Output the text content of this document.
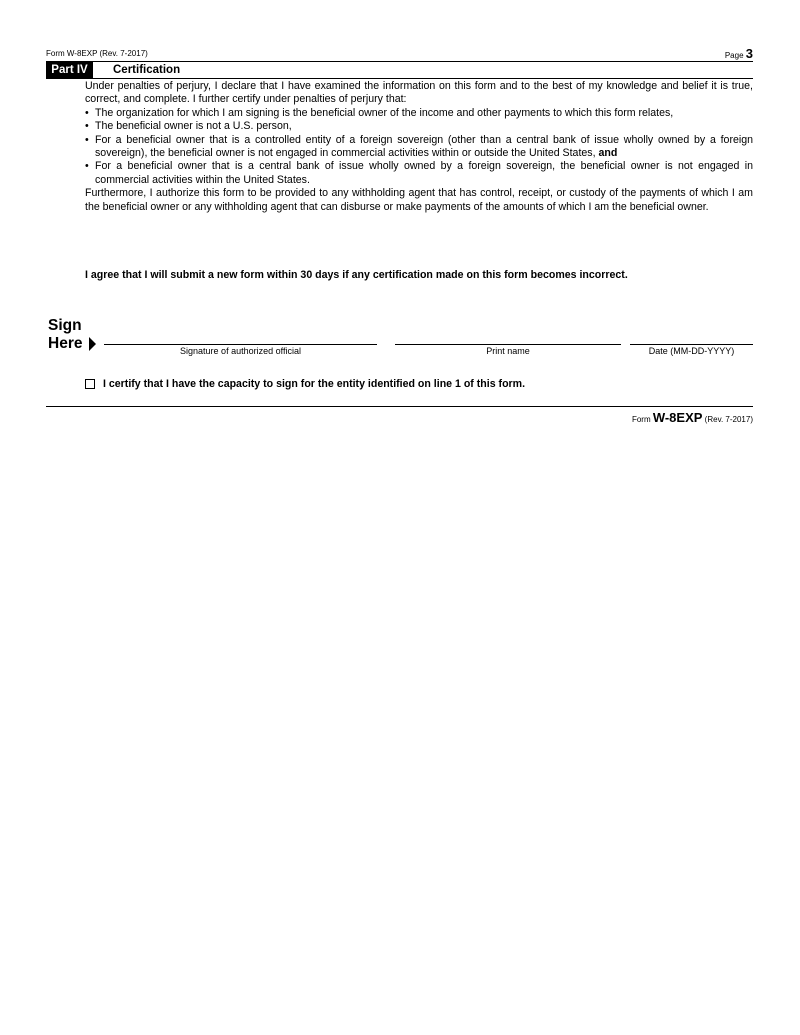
Form W-8EXP (Rev. 7-2017)	Page 3
Part IV	Certification

Under penalties of perjury, I declare that I have examined the information on this form and to the best of my knowledge and belief it is true, correct, and complete. I further certify under penalties of perjury that:

• The organization for which I am signing is the beneficial owner of the income and other payments to which this form relates,
• The beneficial owner is not a U.S. person,
• For a beneficial owner that is a controlled entity of a foreign sovereign (other than a central bank of issue wholly owned by a foreign sovereign), the beneficial owner is not engaged in commercial activities within or outside the United States, and
• For a beneficial owner that is a central bank of issue wholly owned by a foreign sovereign, the beneficial owner is not engaged in commercial activities within the United States.

Furthermore, I authorize this form to be provided to any withholding agent that has control, receipt, or custody of the payments of which I am the beneficial owner or any withholding agent that can disburse or make payments of the amounts of which I am the beneficial owner.

I agree that I will submit a new form within 30 days if any certification made on this form becomes incorrect.
Sign
Here	Signature of authorized official	Print name	Date (MM-DD-YYYY)
I certify that I have the capacity to sign for the entity identified on line 1 of this form.
Form W-8EXP (Rev. 7-2017)
